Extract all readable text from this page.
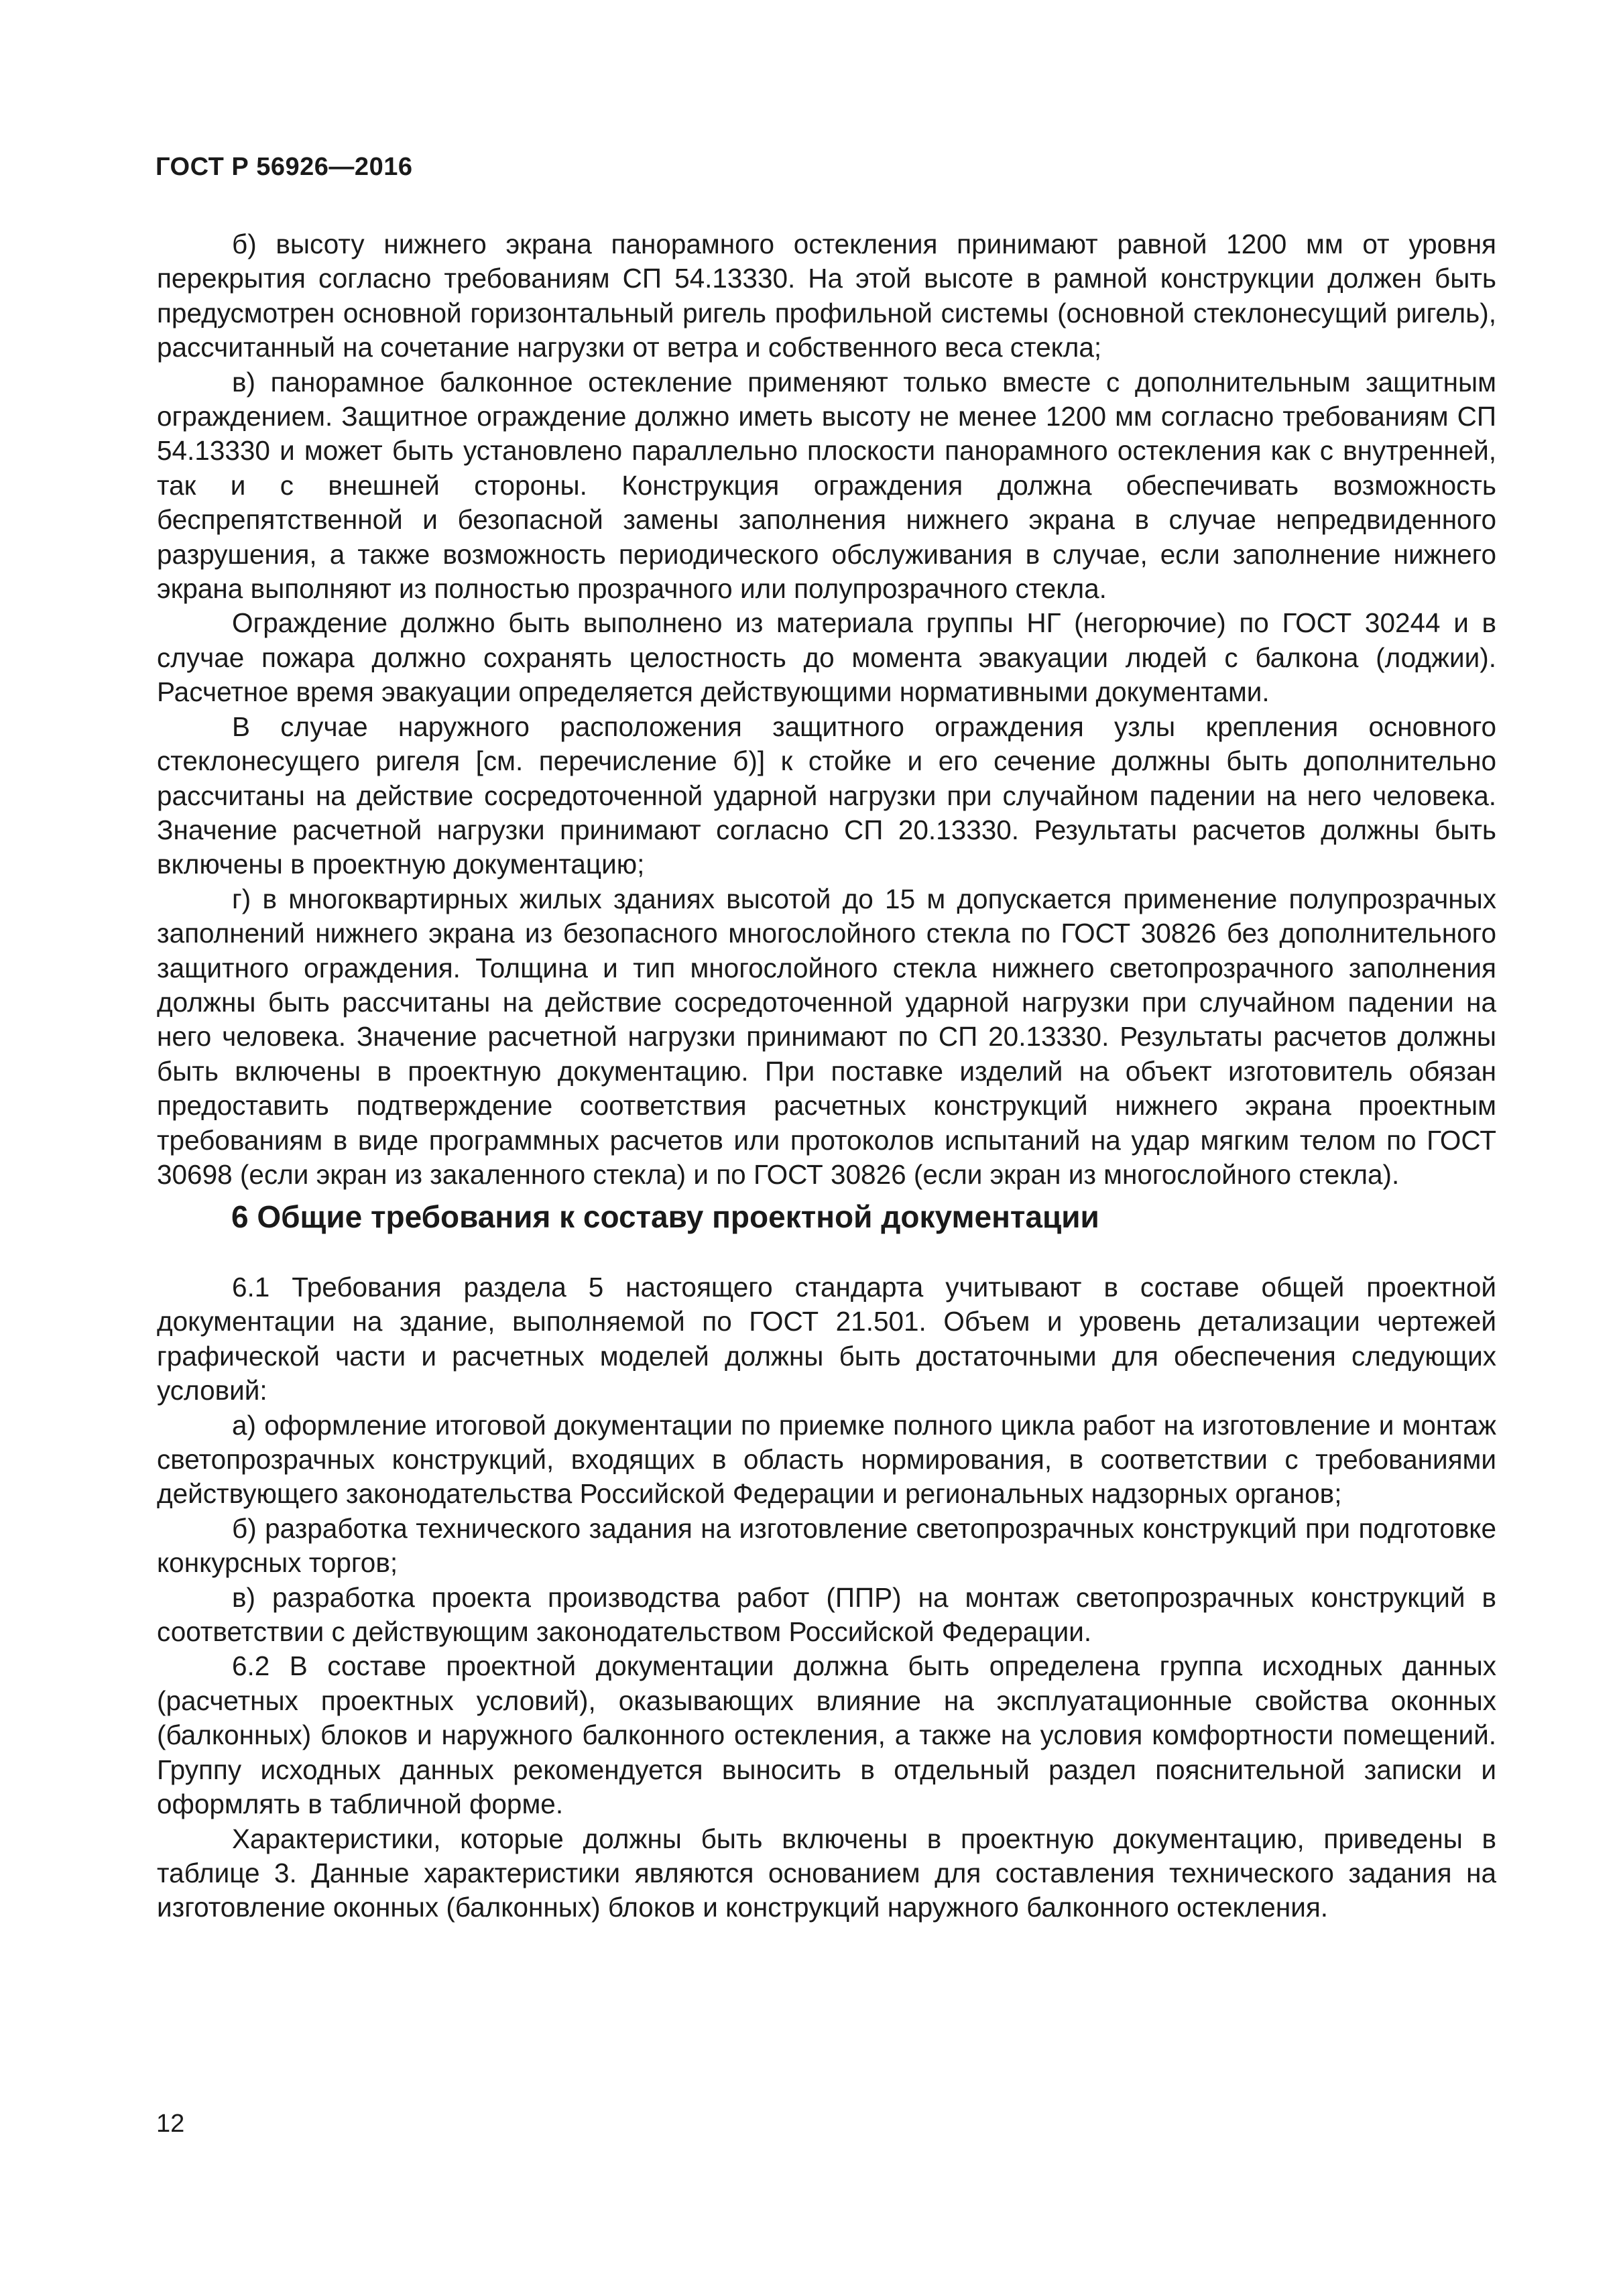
ГОСТ Р 56926—2016

б) высоту нижнего экрана панорамного остекления принимают равной 1200 мм от уровня перекрытия согласно требованиям СП 54.13330. На этой высоте в рамной конструкции должен быть предусмотрен основной горизонтальный ригель профильной системы (основной стеклонесущий ригель), рассчитанный на сочетание нагрузки от ветра и собственного веса стекла;

в) панорамное балконное остекление применяют только вместе с дополнительным защитным ограждением. Защитное ограждение должно иметь высоту не менее 1200 мм согласно требованиям СП 54.13330 и может быть установлено параллельно плоскости панорамного остекления как с внутренней, так и с внешней стороны. Конструкция ограждения должна обеспечивать возможность беспрепятственной и безопасной замены заполнения нижнего экрана в случае непредвиденного разрушения, а также возможность периодического обслуживания в случае, если заполнение нижнего экрана выполняют из полностью прозрачного или полупрозрачного стекла.

Ограждение должно быть выполнено из материала группы НГ (негорючие) по ГОСТ 30244 и в случае пожара должно сохранять целостность до момента эвакуации людей с балкона (лоджии). Расчетное время эвакуации определяется действующими нормативными документами.

В случае наружного расположения защитного ограждения узлы крепления основного стеклонесущего ригеля [см. перечисление б)] к стойке и его сечение должны быть дополнительно рассчитаны на действие сосредоточенной ударной нагрузки при случайном падении на него человека. Значение расчетной нагрузки принимают согласно СП 20.13330. Результаты расчетов должны быть включены в проектную документацию;

г) в многоквартирных жилых зданиях высотой до 15 м допускается применение полупрозрачных заполнений нижнего экрана из безопасного многослойного стекла по ГОСТ 30826 без дополнительного защитного ограждения. Толщина и тип многослойного стекла нижнего светопрозрачного заполнения должны быть рассчитаны на действие сосредоточенной ударной нагрузки при случайном падении на него человека. Значение расчетной нагрузки принимают по СП 20.13330. Результаты расчетов должны быть включены в проектную документацию. При поставке изделий на объект изготовитель обязан предоставить подтверждение соответствия расчетных конструкций нижнего экрана проектным требованиям в виде программных расчетов или протоколов испытаний на удар мягким телом по ГОСТ 30698 (если экран из закаленного стекла) и по ГОСТ 30826 (если экран из многослойного стекла).

6 Общие требования к составу проектной документации

6.1 Требования раздела 5 настоящего стандарта учитывают в составе общей проектной документации на здание, выполняемой по ГОСТ 21.501. Объем и уровень детализации чертежей графической части и расчетных моделей должны быть достаточными для обеспечения следующих условий:

а) оформление итоговой документации по приемке полного цикла работ на изготовление и монтаж светопрозрачных конструкций, входящих в область нормирования, в соответствии с требованиями действующего законодательства Российской Федерации и региональных надзорных органов;

б) разработка технического задания на изготовление светопрозрачных конструкций при подготовке конкурсных торгов;

в) разработка проекта производства работ (ППР) на монтаж светопрозрачных конструкций в соответствии с действующим законодательством Российской Федерации.

6.2 В составе проектной документации должна быть определена группа исходных данных (расчетных проектных условий), оказывающих влияние на эксплуатационные свойства оконных (балконных) блоков и наружного балконного остекления, а также на условия комфортности помещений. Группу исходных данных рекомендуется выносить в отдельный раздел пояснительной записки и оформлять в табличной форме.

Характеристики, которые должны быть включены в проектную документацию, приведены в таблице 3. Данные характеристики являются основанием для составления технического задания на изготовление оконных (балконных) блоков и конструкций наружного балконного остекления.

12
